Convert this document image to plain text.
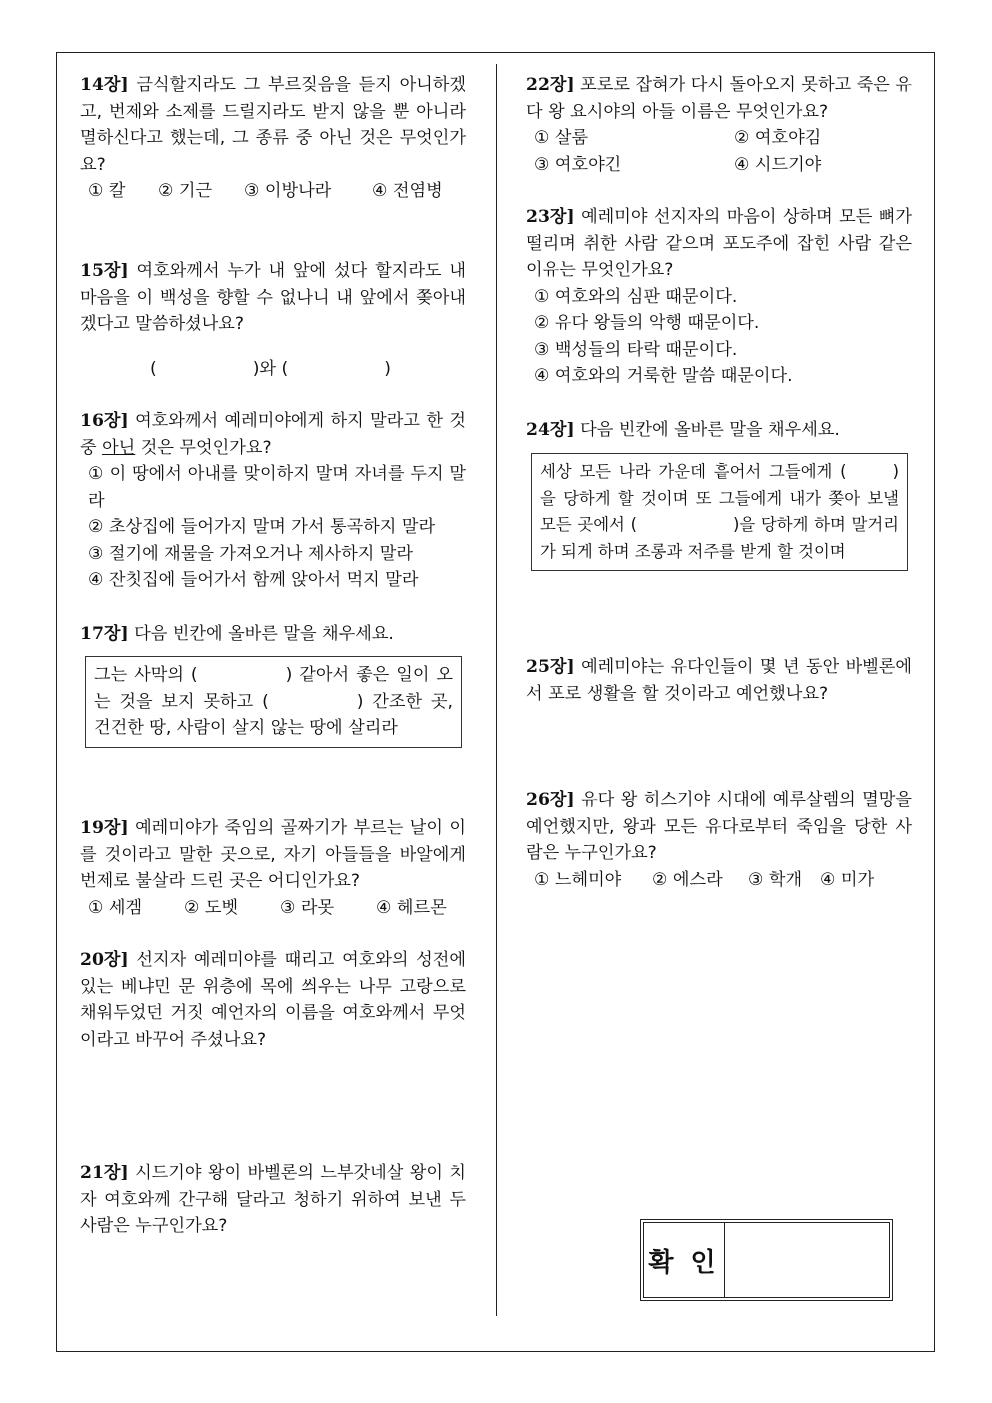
14장] 금식할지라도 그 부르짖음을 듣지 아니하겠고, 번제와 소제를 드릴지라도 받지 않을 뿐 아니라 멸하신다고 했는데, 그 종류 중 아닌 것은 무엇인가요?
① 칼	② 기근	③ 이방나라	④ 전염병
15장] 여호와께서 누가 내 앞에 섰다 할지라도 내 마음을 이 백성을 향할 수 없나니 내 앞에서 쫒아내겠다고 말씀하셨나요?
(	)와 (	)
16장] 여호와께서 예레미야에게 하지 말라고 한 것 중 아닌 것은 무엇인가요?
① 이 땅에서 아내를 맞이하지 말며 자녀를 두지 말라
② 초상집에 들어가지 말며 가서 통곡하지 말라
③ 절기에 재물을 가져오거나 제사하지 말라
④ 잔칫집에 들어가서 함께 앉아서 먹지 말라
17장] 다음 빈칸에 올바른 말을 채우세요.
그는 사막의 (	) 같아서 좋은 일이 오는 것을 보지 못하고 (	) 간조한 곳, 건건한 땅, 사람이 살지 않는 땅에 살리라
19장] 예레미야가 죽임의 골짜기가 부르는 날이 이를 것이라고 말한 곳으로, 자기 아들들을 바알에게 번제로 불살라 드린 곳은 어디인가요?
① 세겜	② 도벳	③ 라못	④ 헤르몬
20장] 선지자 예레미야를 때리고 여호와의 성전에 있는 베냐민 문 위층에 목에 씌우는 나무 고랑으로 채워두었던 거짓 예언자의 이름을 여호와께서 무엇이라고 바꾸어 주셨나요?
21장] 시드기야 왕이 바벨론의 느부갓네살 왕이 치자 여호와께 간구해 달라고 청하기 위하여 보낸 두 사람은 누구인가요?
22장] 포로로 잡혀가 다시 돌아오지 못하고 죽은 유다 왕 요시야의 아들 이름은 무엇인가요?
① 살룸	② 여호야김
③ 여호야긴	④ 시드기야
23장] 예레미야 선지자의 마음이 상하며 모든 뼈가 떨리며 취한 사람 같으며 포도주에 잡힌 사람 같은 이유는 무엇인가요?
① 여호와의 심판 때문이다.
② 유다 왕들의 악행 때문이다.
③ 백성들의 타락 때문이다.
④ 여호와의 거룩한 말씀 때문이다.
24장] 다음 빈칸에 올바른 말을 채우세요.
세상 모든 나라 가운데 흩어서 그들에게 (	)을 당하게 할 것이며 또 그들에게 내가 쫒아 보낼 모든 곳에서 (	)을 당하게 하며 말거리가 되게 하며 조롱과 저주를 받게 할 것이며
25장] 예레미야는 유다인들이 몇 년 동안 바벨론에서 포로 생활을 할 것이라고 예언했나요?
26장] 유다 왕 히스기야 시대에 예루살렘의 멸망을 예언했지만, 왕과 모든 유다로부터 죽임을 당한 사람은 누구인가요?
① 느헤미야	② 에스라	③ 학개	④ 미가
확 인
